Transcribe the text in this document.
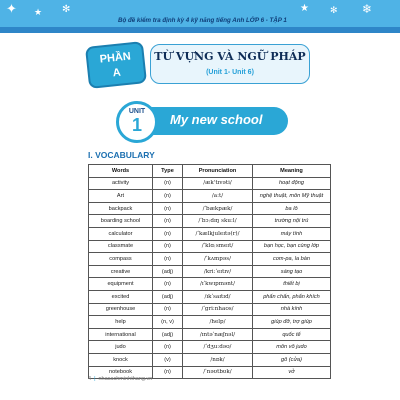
✦ ★ ✻	★ ✻ ❄
Bộ đề kiểm tra định kỳ 4 kỹ năng tiếng Anh LỚP 6 - TẬP 1
PHẦN
A
TỪ VỰNG VÀ NGỮ PHÁP
(Unit 1- Unit 6)
UNIT
1	My new school
I. VOCABULARY
Words	Type	Pronunciation	Meaning
activity	(n)	/æk'tɪvəti/	hoạt động
Art	(n)	/a:t/	nghệ thuật, môn Mỹ thuật
backpack	(n)	/ˈbækpæk/	ba lô
boarding school	(n)	/ˈbɔːdɪŋ sku:l/	trường nội trú
calculator	(n)	/ˈkælkjuleɪtə(r)/	máy tính
classmate	(n)	/ˈklɑːsmeɪt/	bạn học, bạn cùng lớp
compass	(n)	/ˈkʌmpəs/	com-pa, la bàn
creative	(adj)	/kri:ˈeɪtɪv/	sáng tạo
equipment	(n)	/ɪˈkwɪpmənt/	thiết bị
excited	(adj)	/ɪkˈsaɪtɪd/	phấn chấn, phấn khích
greenhouse	(n)	/ˈgri:nhaʊs/	nhà kính
help	(n, v)	/help/	giúp đỡ, trợ giúp
international	(adj)	/ɪntəˈnæʃnəl/	quốc tế
judo	(n)	/ˈdʒu:dəʊ/	môn võ judo
knock	(v)	/nɒk/	gõ (cửa)
notebook	(n)	/ˈnəʊtbʊk/	vở
4 | nhasachminhthang.vn
